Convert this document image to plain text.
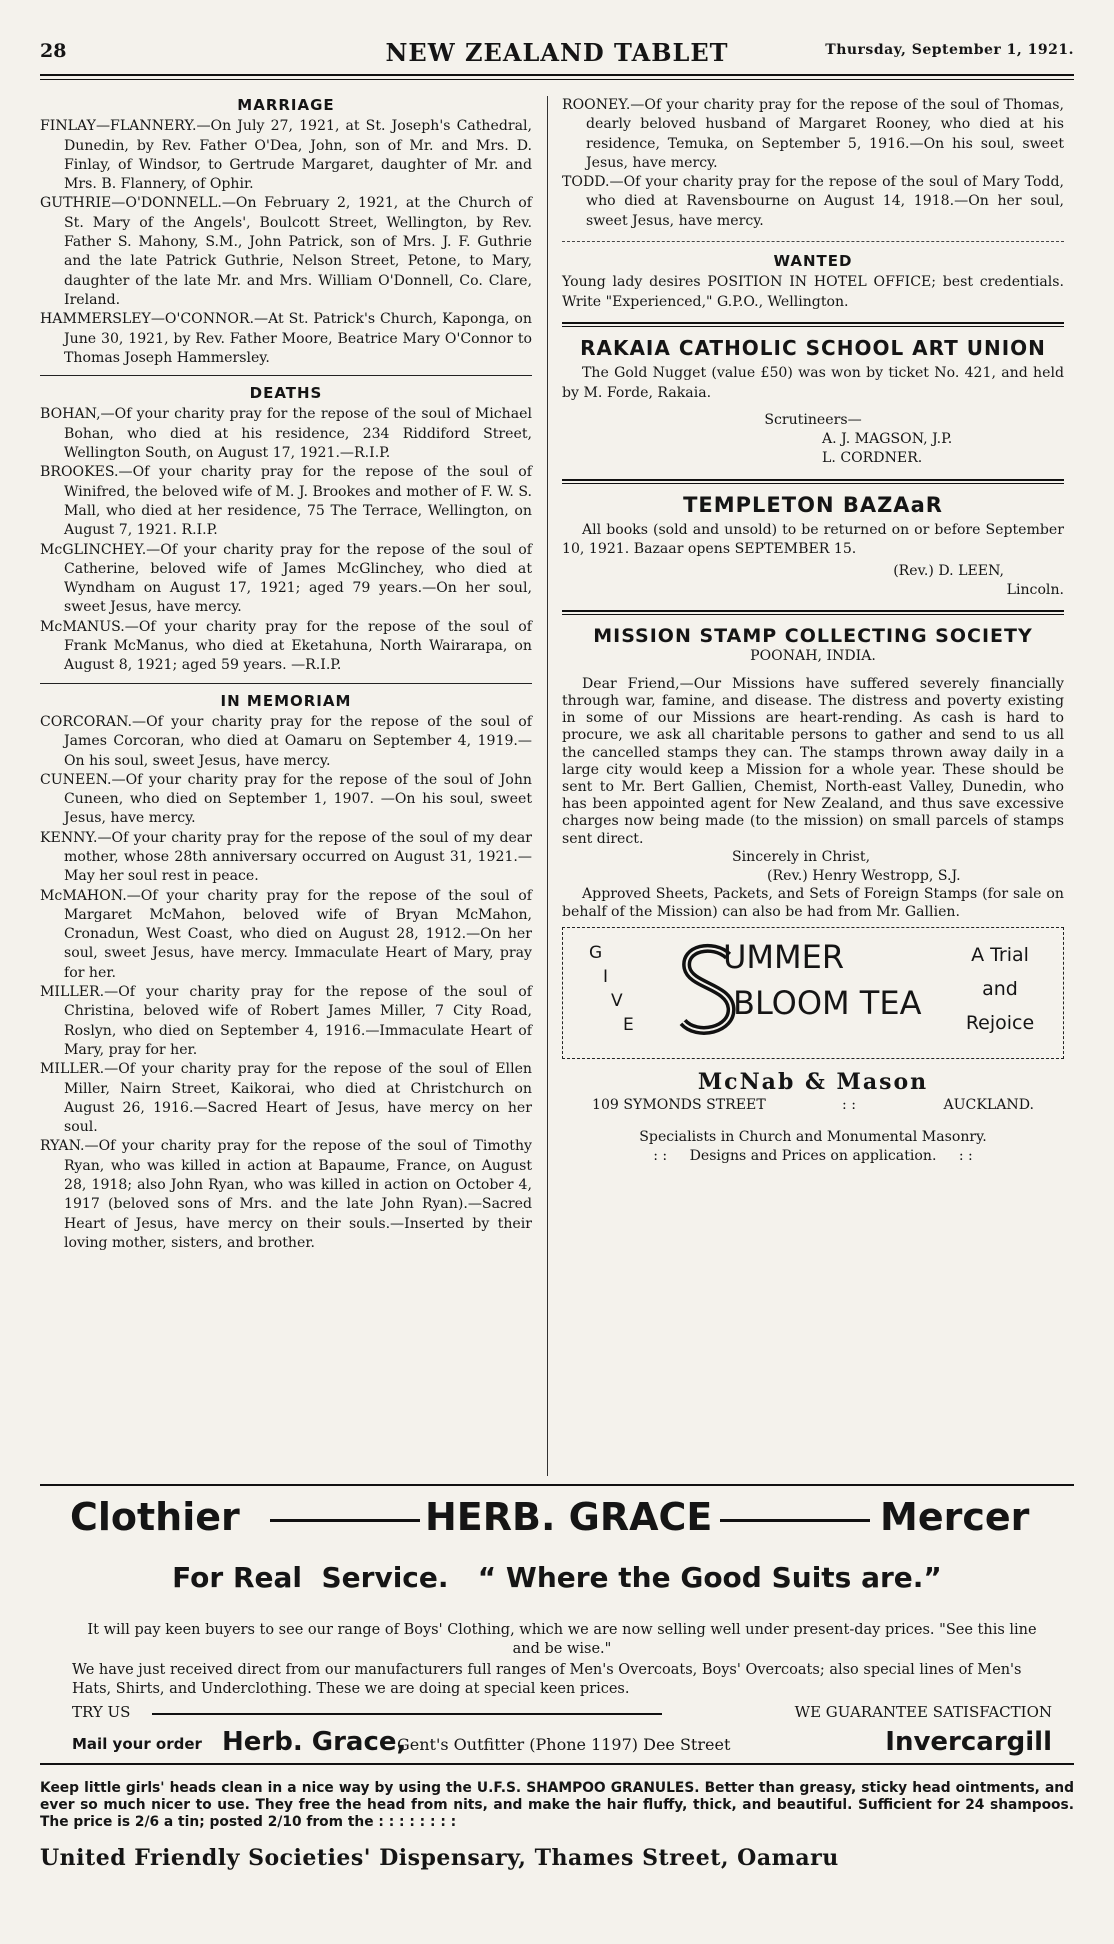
28	NEW ZEALAND TABLET	Thursday, September 1, 1921.
MARRIAGE

FINLAY—FLANNERY.—On July 27, 1921, at St. Joseph's Cathedral, Dunedin, by Rev. Father O'Dea, John, son of Mr. and Mrs. D. Finlay, of Windsor, to Gertrude Margaret, daughter of Mr. and Mrs. B. Flannery, of Ophir.

GUTHRIE—O'DONNELL.—On February 2, 1921, at the Church of St. Mary of the Angels', Boulcott Street, Wellington, by Rev. Father S. Mahony, S.M., John Patrick, son of Mrs. J. F. Guthrie and the late Patrick Guthrie, Nelson Street, Petone, to Mary, daughter of the late Mr. and Mrs. William O'Donnell, Co. Clare, Ireland.

HAMMERSLEY—O'CONNOR.—At St. Patrick's Church, Kaponga, on June 30, 1921, by Rev. Father Moore, Beatrice Mary O'Connor to Thomas Joseph Hammersley.

DEATHS

BOHAN,—Of your charity pray for the repose of the soul of Michael Bohan, who died at his residence, 234 Riddiford Street, Wellington South, on August 17, 1921.—R.I.P.

BROOKES.—Of your charity pray for the repose of the soul of Winifred, the beloved wife of M. J. Brookes and mother of F. W. S. Mall, who died at her residence, 75 The Terrace, Wellington, on August 7, 1921. R.I.P.

McGLINCHEY.—Of your charity pray for the repose of the soul of Catherine, beloved wife of James McGlinchey, who died at Wyndham on August 17, 1921; aged 79 years.—On her soul, sweet Jesus, have mercy.

McMANUS.—Of your charity pray for the repose of the soul of Frank McManus, who died at Eketahuna, North Wairarapa, on August 8, 1921; aged 59 years. —R.I.P.

IN MEMORIAM

CORCORAN.—Of your charity pray for the repose of the soul of James Corcoran, who died at Oamaru on September 4, 1919.—On his soul, sweet Jesus, have mercy.

CUNEEN.—Of your charity pray for the repose of the soul of John Cuneen, who died on September 1, 1907. —On his soul, sweet Jesus, have mercy.

KENNY.—Of your charity pray for the repose of the soul of my dear mother, whose 28th anniversary occurred on August 31, 1921.—May her soul rest in peace.

McMAHON.—Of your charity pray for the repose of the soul of Margaret McMahon, beloved wife of Bryan McMahon, Cronadun, West Coast, who died on August 28, 1912.—On her soul, sweet Jesus, have mercy. Immaculate Heart of Mary, pray for her.

MILLER.—Of your charity pray for the repose of the soul of Christina, beloved wife of Robert James Miller, 7 City Road, Roslyn, who died on September 4, 1916.—Immaculate Heart of Mary, pray for her.

MILLER.—Of your charity pray for the repose of the soul of Ellen Miller, Nairn Street, Kaikorai, who died at Christchurch on August 26, 1916.—Sacred Heart of Jesus, have mercy on her soul.

RYAN.—Of your charity pray for the repose of the soul of Timothy Ryan, who was killed in action at Bapaume, France, on August 28, 1918; also John Ryan, who was killed in action on October 4, 1917 (beloved sons of Mrs. and the late John Ryan).—Sacred Heart of Jesus, have mercy on their souls.—Inserted by their loving mother, sisters, and brother.

ROONEY.—Of your charity pray for the repose of the soul of Thomas, dearly beloved husband of Margaret Rooney, who died at his residence, Temuka, on September 5, 1916.—On his soul, sweet Jesus, have mercy.

TODD.—Of your charity pray for the repose of the soul of Mary Todd, who died at Ravensbourne on August 14, 1918.—On her soul, sweet Jesus, have mercy.

WANTED

Young lady desires POSITION IN HOTEL OFFICE; best credentials. Write "Experienced," G.P.O., Wellington.

RAKAIA CATHOLIC SCHOOL ART UNION

The Gold Nugget (value £50) was won by ticket No. 421, and held by M. Forde, Rakaia.

Scrutineers—
A. J. MAGSON, J.P.
L. CORDNER.
TEMPLETON BAZAaR

All books (sold and unsold) to be returned on or before September 10, 1921. Bazaar opens SEPTEMBER 15.

(Rev.) D. LEEN,
Lincoln.
MISSION STAMP COLLECTING SOCIETY
POONAH, INDIA.

Dear Friend,—Our Missions have suffered severely financially through war, famine, and disease. The distress and poverty existing in some of our Missions are heart-rending. As cash is hard to procure, we ask all charitable persons to gather and send to us all the cancelled stamps they can. The stamps thrown away daily in a large city would keep a Mission for a whole year. These should be sent to Mr. Bert Gallien, Chemist, North-east Valley, Dunedin, who has been appointed agent for New Zealand, and thus save excessive charges now being made (to the mission) on small parcels of stamps sent direct.

Sincerely in Christ,
(Rev.) Henry Westropp, S.J.

Approved Sheets, Packets, and Sets of Foreign Stamps (for sale on behalf of the Mission) can also be had from Mr. Gallien.

G
I
V
E
UMMER
BLOOM TEA
A Trial
and
Rejoice
McNab & Mason
109 SYMONDS STREET	: :	AUCKLAND.
Specialists in Church and Monumental Masonry.
: :     Designs and Prices on application.     : :
Clothier	HERB. GRACE	Mercer
For Real  Service.   “ Where the Good Suits are.”
It will pay keen buyers to see our range of Boys' Clothing, which we are now selling well under present-day prices. "See this line and be wise."
We have just received direct from our manufacturers full ranges of Men's Overcoats, Boys' Overcoats; also special lines of Men's Hats, Shirts, and Underclothing. These we are doing at special keen prices.
TRY US	WE GUARANTEE SATISFACTION
Mail your order Herb. Grace,
Gent's Outfitter (Phone 1197) Dee Street	Invercargill
Keep little girls' heads clean in a nice way by using the U.F.S. SHAMPOO GRANULES. Better than greasy, sticky head ointments, and ever so much nicer to use. They free the head from nits, and make the hair fluffy, thick, and beautiful. Sufficient for 24 shampoos. The price is 2/6 a tin; posted 2/10 from the : : : : : : : :
United Friendly Societies' Dispensary, Thames Street, Oamaru
